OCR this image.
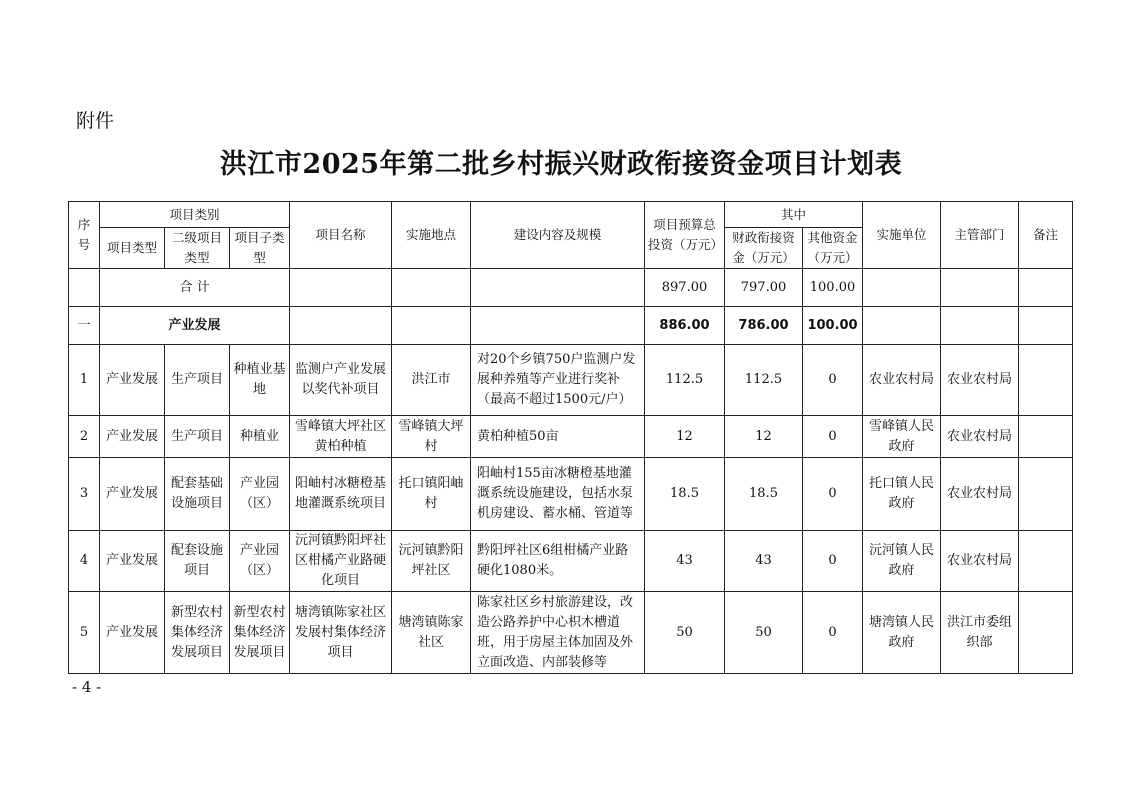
附件
洪江市2025年第二批乡村振兴财政衔接资金项目计划表
序号	项目类别			项目名称	实施地点	建设内容及规模	项目预算总投资（万元）	其中		实施单位	主管部门	备注
	项目类型	二级项目类型	项目子类型					财政衔接资金（万元）	其他资金（万元）			
	合 计						897.00	797.00	100.00			
一	产业发展						886.00	786.00	100.00			
1	产业发展	生产项目	种植业基地	监测户产业发展以奖代补项目	洪江市	对20个乡镇750户监测户发展种养殖等产业进行奖补（最高不超过1500元/户）	112.5	112.5	0	农业农村局	农业农村局	
2	产业发展	生产项目	种植业	雪峰镇大坪社区黄柏种植	雪峰镇大坪村	黄柏种植50亩	12	12	0	雪峰镇人民政府	农业农村局	
3	产业发展	配套基础设施项目	产业园（区）	阳岫村冰糖橙基地灌溉系统项目	托口镇阳岫村	阳岫村155亩冰糖橙基地灌溉系统设施建设，包括水泵机房建设、蓄水桶、管道等	18.5	18.5	0	托口镇人民政府	农业农村局	
4	产业发展	配套设施项目	产业园（区）	沅河镇黔阳坪社区柑橘产业路硬化项目	沅河镇黔阳坪社区	黔阳坪社区6组柑橘产业路硬化1080米。	43	43	0	沅河镇人民政府	农业农村局	
5	产业发展	新型农村集体经济发展项目	新型农村集体经济发展项目	塘湾镇陈家社区发展村集体经济项目	塘湾镇陈家社区	陈家社区乡村旅游建设，改造公路养护中心枳木槽道班，用于房屋主体加固及外立面改造、内部装修等	50	50	0	塘湾镇人民政府	洪江市委组织部	
- 4 -
